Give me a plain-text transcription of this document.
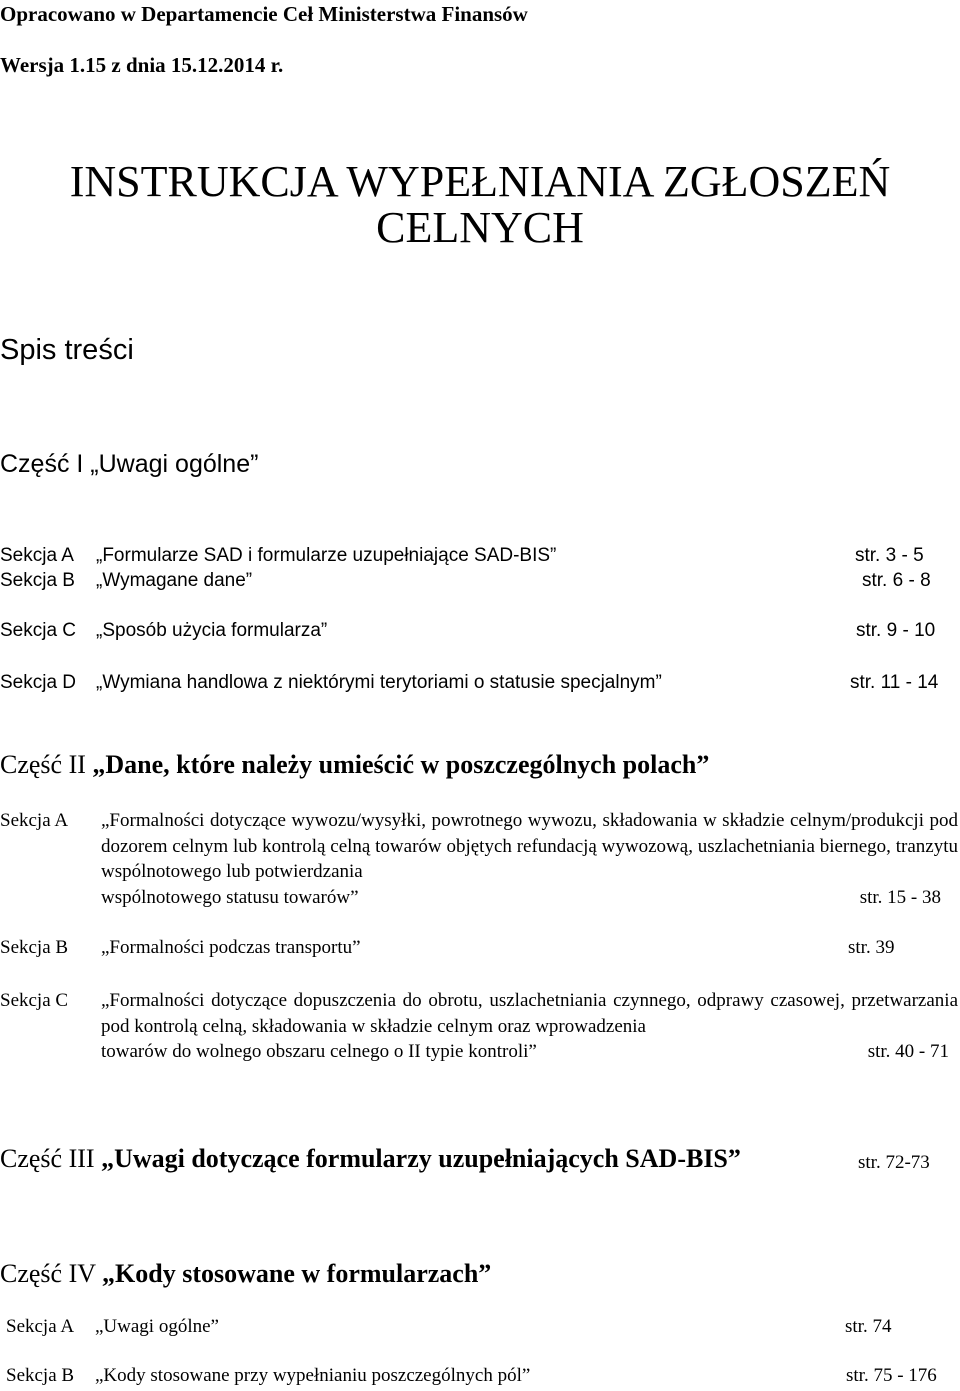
Opracowano w Departamencie Ceł Ministerstwa Finansów
Wersja 1.15 z dnia 15.12.2014 r.
INSTRUKCJA WYPEŁNIANIA ZGŁOSZEŃ
CELNYCH
Spis treści
Część I „Uwagi ogólne”
Sekcja A „Formularze SAD i formularze uzupełniające SAD-BIS”	str. 3 - 5
Sekcja B „Wymagane dane”	str. 6 - 8
Sekcja C „Sposób użycia formularza”	str. 9 - 10
Sekcja D „Wymiana handlowa z niektórymi terytoriami o statusie specjalnym”	str. 11 - 14
Część II „Dane, które należy umieścić w poszczególnych polach”
Sekcja A „Formalności dotyczące wywozu/wysyłki, powrotnego wywozu, składowania w składzie celnym/produkcji pod dozorem celnym lub kontrolą celną towarów objętych refundacją wywozową, uszlachetniania biernego, tranzytu wspólnotowego lub potwierdzania
wspólnotowego statusu towarów”	str. 15 - 38
Sekcja B „Formalności podczas transportu”	str. 39
Sekcja C „Formalności dotyczące dopuszczenia do obrotu, uszlachetniania czynnego, odprawy czasowej, przetwarzania pod kontrolą celną, składowania w składzie celnym oraz wprowadzenia
towarów do wolnego obszaru celnego o II typie kontroli”	str. 40 - 71
Część III „Uwagi dotyczące formularzy uzupełniających SAD-BIS”	str. 72-73
Część IV „Kody stosowane w formularzach”
Sekcja A „Uwagi ogólne”	str. 74
Sekcja B „Kody stosowane przy wypełnianiu poszczególnych pól”	str. 75 - 176
